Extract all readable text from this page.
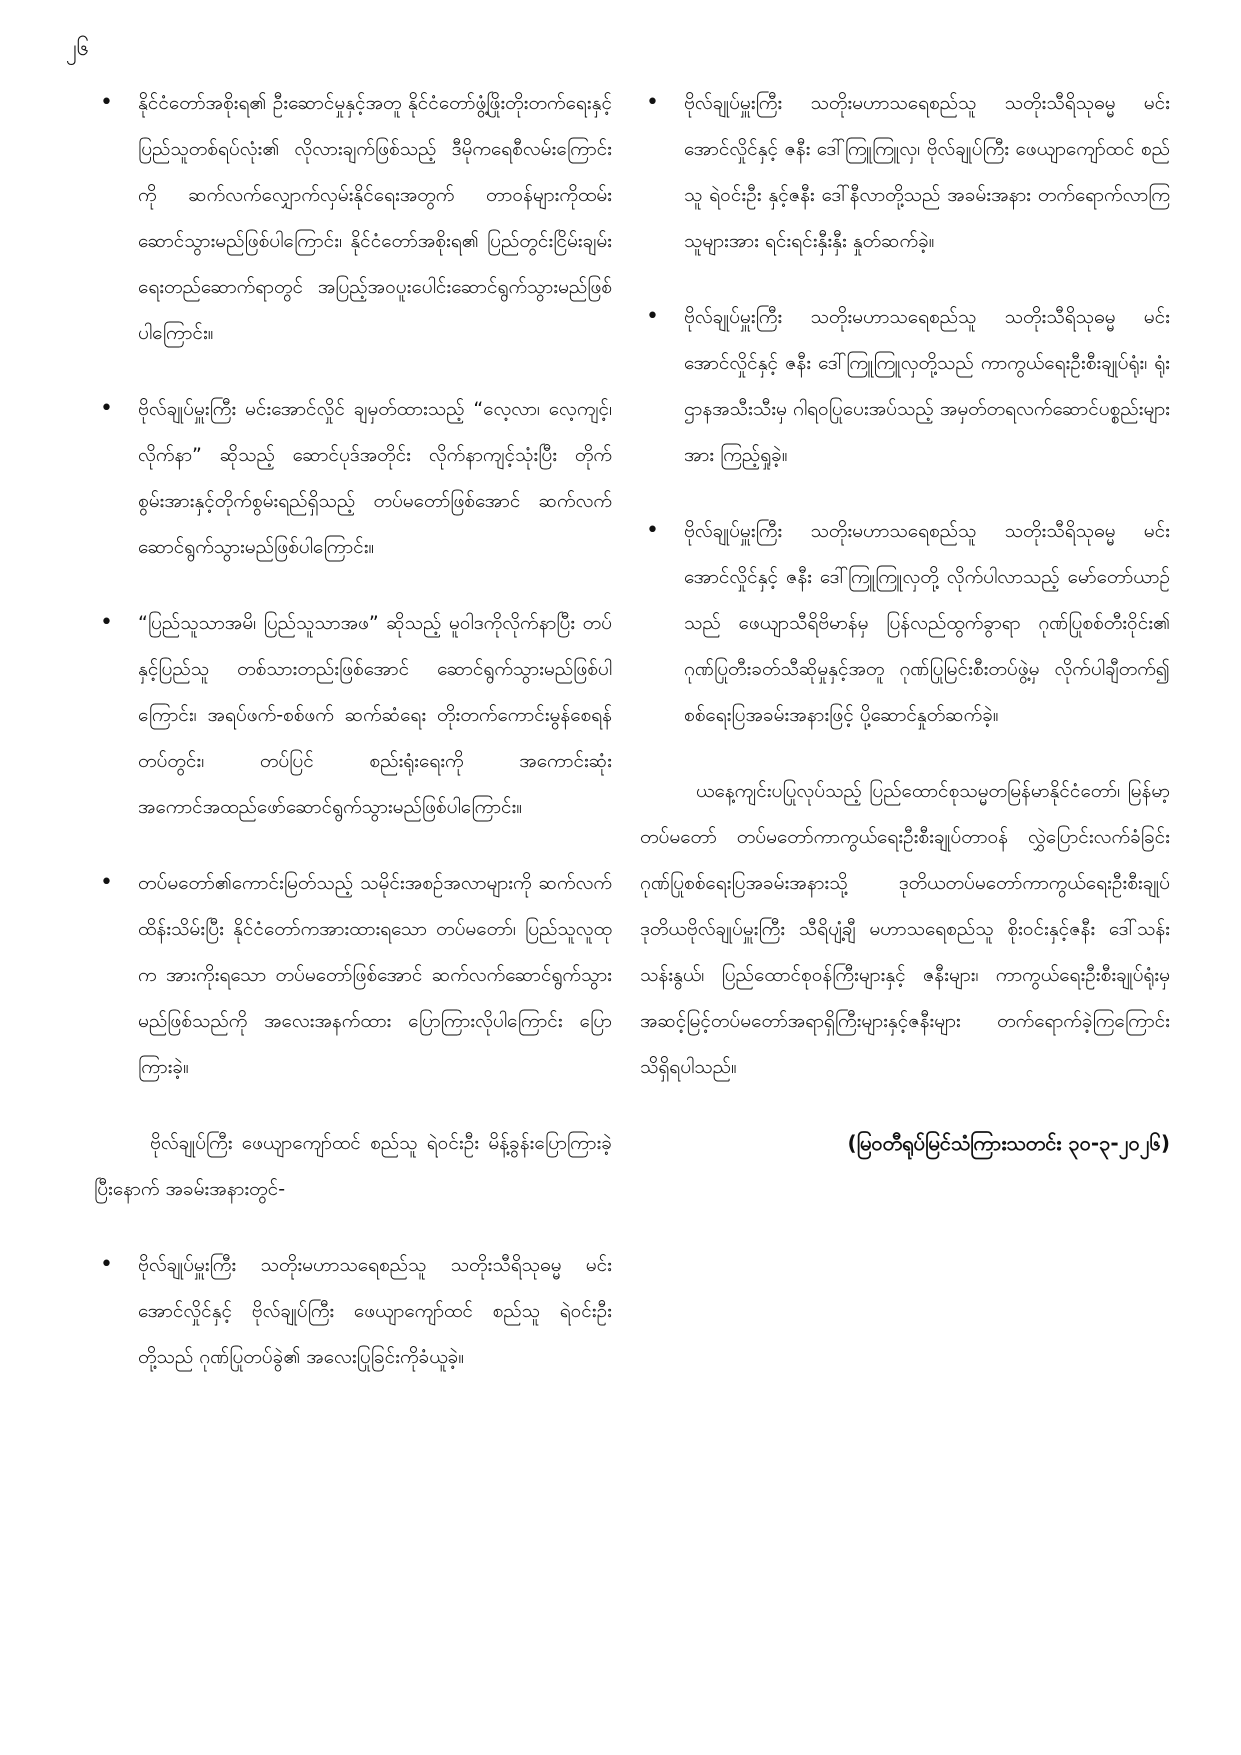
၂၆
• နိုင်ငံတော်အစိုးရ၏ ဦးဆောင်မှုနှင့်အတူ နိုင်ငံတော်ဖွံ့ဖြိုးတိုးတက်ရေးနှင့် ပြည်သူတစ်ရပ်လုံး၏ လိုလားချက်ဖြစ်သည့် ဒီမိုကရေစီလမ်းကြောင်းကို ဆက်လက်လျှောက်လှမ်းနိုင်ရေးအတွက် တာဝန်များကိုထမ်းဆောင်သွားမည်ဖြစ်ပါကြောင်း၊ နိုင်ငံတော်အစိုးရ၏ ပြည်တွင်းငြိမ်းချမ်းရေးတည်ဆောက်ရာတွင် အပြည့်အဝပူးပေါင်းဆောင်ရွက်သွားမည်ဖြစ်ပါကြောင်း။
• ဗိုလ်ချုပ်မှူးကြီး မင်းအောင်လှိုင် ချမှတ်ထားသည့် “လေ့လာ၊ လေ့ကျင့်၊ လိုက်နာ” ဆိုသည့် ဆောင်ပုဒ်အတိုင်း လိုက်နာကျင့်သုံးပြီး တိုက်စွမ်းအားနှင့်တိုက်စွမ်းရည်ရှိသည့် တပ်မတော်ဖြစ်အောင် ဆက်လက်ဆောင်ရွက်သွားမည်ဖြစ်ပါကြောင်း။
• “ပြည်သူသာအမိ၊ ပြည်သူသာအဖ” ဆိုသည့် မူဝါဒကိုလိုက်နာပြီး တပ်နှင့်ပြည်သူ တစ်သားတည်းဖြစ်အောင် ဆောင်ရွက်သွားမည်ဖြစ်ပါကြောင်း၊ အရပ်ဖက်-စစ်ဖက် ဆက်ဆံရေး တိုးတက်ကောင်းမွန်စေရန် တပ်တွင်း၊ တပ်ပြင် စည်းရုံးရေးကို အကောင်းဆုံး အကောင်အထည်ဖော်ဆောင်ရွက်သွားမည်ဖြစ်ပါကြောင်း။
• တပ်မတော်၏ကောင်းမြတ်သည့် သမိုင်းအစဉ်အလာများကို ဆက်လက်ထိန်းသိမ်းပြီး နိုင်ငံတော်ကအားထားရသော တပ်မတော်၊ ပြည်သူလူထုက အားကိုးရသော တပ်မတော်ဖြစ်အောင် ဆက်လက်ဆောင်ရွက်သွားမည်ဖြစ်သည်ကို အလေးအနက်ထား ပြောကြားလိုပါကြောင်း ပြောကြားခဲ့။

ဗိုလ်ချုပ်ကြီး ဖေယျာကျော်ထင် စည်သူ ရဲဝင်းဦး မိန့်ခွန်းပြောကြားခဲ့ပြီးနောက် အခမ်းအနားတွင်-

• ဗိုလ်ချုပ်မှူးကြီး သတိုးမဟာသရေစည်သူ သတိုးသီရိသုဓမ္မ မင်းအောင်လှိုင်နှင့် ဗိုလ်ချုပ်ကြီး ဖေယျာကျော်ထင် စည်သူ ရဲဝင်းဦး တို့သည် ဂုဏ်ပြုတပ်ခွဲ၏ အလေးပြုခြင်းကိုခံယူခဲ့။
• ဗိုလ်ချုပ်မှူးကြီး သတိုးမဟာသရေစည်သူ သတိုးသီရိသုဓမ္မ မင်းအောင်လှိုင်နှင့် ဇနီး ဒေါ်ကြူကြူလှ၊ ဗိုလ်ချုပ်ကြီး ဖေယျာကျော်ထင် စည်သူ ရဲဝင်းဦး နှင့်ဇနီး ဒေါ်နီလာတို့သည် အခမ်းအနား တက်ရောက်လာကြသူများအား ရင်းရင်းနှီးနှီး နှုတ်ဆက်ခဲ့။
• ဗိုလ်ချုပ်မှူးကြီး သတိုးမဟာသရေစည်သူ သတိုးသီရိသုဓမ္မ မင်းအောင်လှိုင်နှင့် ဇနီး ဒေါ်ကြူကြူလှတို့သည် ကာကွယ်ရေးဦးစီးချုပ်ရုံး၊ ရုံးဌာနအသီးသီးမှ ဂါရဝပြုပေးအပ်သည့် အမှတ်တရလက်ဆောင်ပစ္စည်းများအား ကြည့်ရှုခဲ့။
• ဗိုလ်ချုပ်မှူးကြီး သတိုးမဟာသရေစည်သူ သတိုးသီရိသုဓမ္မ မင်းအောင်လှိုင်နှင့် ဇနီး ဒေါ်ကြူကြူလှတို့ လိုက်ပါလာသည့် မော်တော်ယာဉ်သည် ဖေယျာသီရိဗိမာန်မှ ပြန်လည်ထွက်ခွာရာ ဂုဏ်ပြုစစ်တီးဝိုင်း၏ ဂုဏ်ပြုတီးခတ်သီဆိုမှုနှင့်အတူ ဂုဏ်ပြုမြင်းစီးတပ်ဖွဲ့မှ လိုက်ပါချီတက်၍ စစ်ရေးပြအခမ်းအနားဖြင့် ပို့ဆောင်နှုတ်ဆက်ခဲ့။

ယနေ့ကျင်းပပြုလုပ်သည့် ပြည်ထောင်စုသမ္မတမြန်မာနိုင်ငံတော်၊ မြန်မာ့တပ်မတော် တပ်မတော်ကာကွယ်ရေးဦးစီးချုပ်တာဝန် လွှဲပြောင်းလက်ခံခြင်း ဂုဏ်ပြုစစ်ရေးပြအခမ်းအနားသို့ ဒုတိယတပ်မတော်ကာကွယ်ရေးဦးစီးချုပ် ဒုတိယဗိုလ်ချုပ်မှူးကြီး သီရိပျံ့ချီ မဟာသရေစည်သူ စိုးဝင်းနှင့်ဇနီး ဒေါ်သန်းသန်းနွယ်၊ ပြည်ထောင်စုဝန်ကြီးများနှင့် ဇနီးများ၊ ကာကွယ်ရေးဦးစီးချုပ်ရုံးမှ အဆင့်မြင့်တပ်မတော်အရာရှိကြီးများနှင့်ဇနီးများ တက်ရောက်ခဲ့ကြကြောင်း သိရှိရပါသည်။

(မြဝတီရုပ်မြင်သံကြားသတင်း ၃၀-၃-၂၀၂၆)
